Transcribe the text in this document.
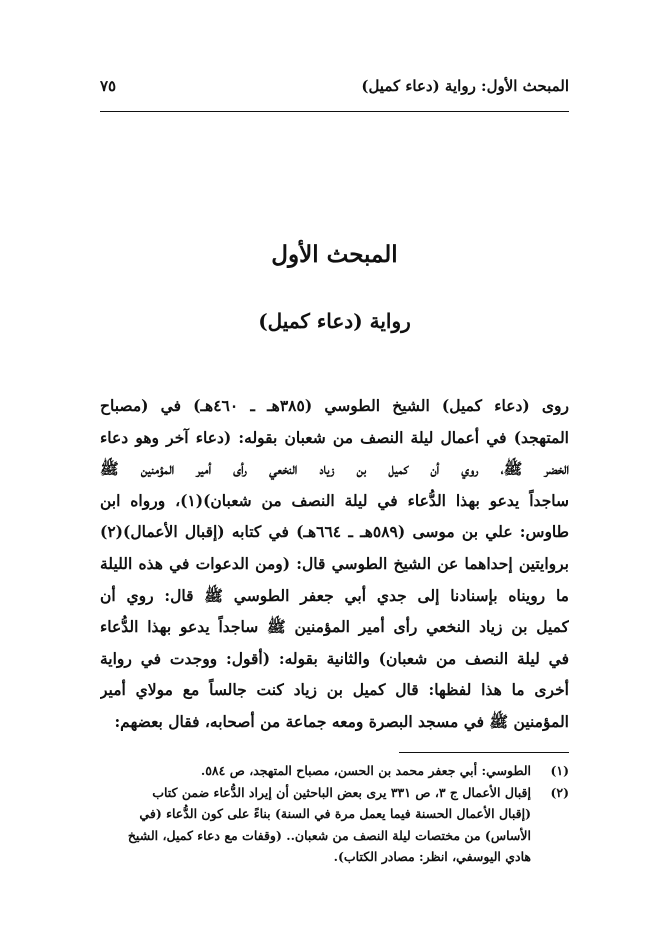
المبحث الأول: رواية (دعاء كميل)
٧٥
المبحث الأول
رواية (دعاء كميل)
روى (دعاء كميل) الشيخ الطوسي (٣٨٥هـ ـ ٤٦٠هـ) في (مصباح
المتهجد) في أعمال ليلة النصف من شعبان بقوله: (دعاء آخر وهو دعاء
الخضر ﷺ، روي أن كميل بن زياد النخعي رأى أمير المؤمنين ﷺ
ساجداً يدعو بهذا الدُّعاء في ليلة النصف من شعبان)(١)، ورواه ابن
طاوس: علي بن موسى (٥٨٩هـ ـ ٦٦٤هـ) في كتابه (إقبال الأعمال)(٢)
بروايتين إحداهما عن الشيخ الطوسي قال: (ومن الدعوات في هذه الليلة
ما رويناه بإسنادنا إلى جدي أبي جعفر الطوسي ﷺ قال: روي أن
كميل بن زياد النخعي رأى أمير المؤمنين ﷺ ساجداً يدعو بهذا الدُّعاء
في ليلة النصف من شعبان) والثانية بقوله: (أقول: ووجدت في رواية
أخرى ما هذا لفظها: قال كميل بن زياد كنت جالساً مع مولاي أمير
المؤمنين ﷺ في مسجد البصرة ومعه جماعة من أصحابه، فقال بعضهم:
(١)الطوسي: أبي جعفر محمد بن الحسن، مصباح المتهجد، ص ٥٨٤.
(٢)إقبال الأعمال ج ٣، ص ٣٣١ يرى بعض الباحثين أن إيراد الدُّعاء ضمن كتاب
(إقبال الأعمال الحسنة فيما يعمل مرة في السنة) بناءً على كون الدُّعاء (في
الأساس) من مختصات ليلة النصف من شعبان.. (وقفات مع دعاء كميل، الشيخ
هادي اليوسفي، انظر: مصادر الكتاب).
